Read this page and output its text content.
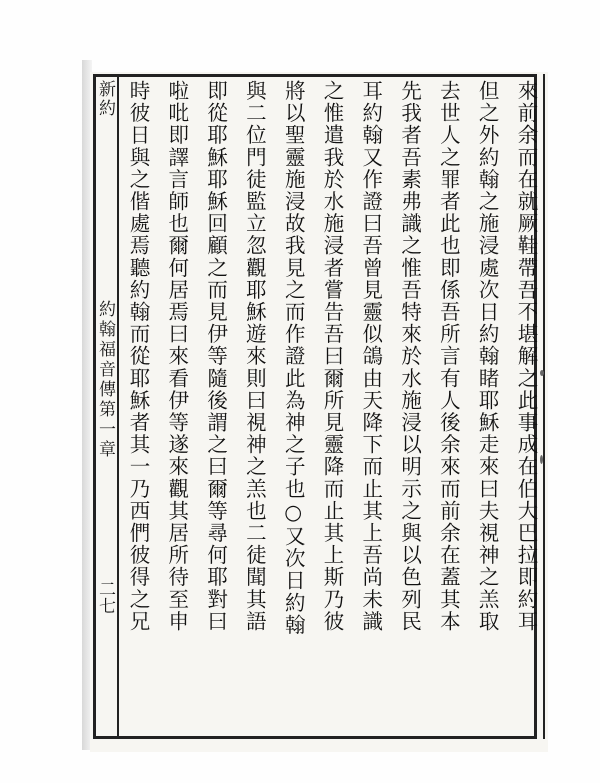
新約
約翰福音傳第一章
二七	來前余而在就厥鞋帶吾不堪解之此事成在伯大巴拉即約耳
但之外約翰之施浸處次日約翰睹耶穌走來曰夫視神之羔取
去世人之罪者此也即係吾所言有人後余來而前余在蓋其本
先我者吾素弗識之惟吾特來於水施浸以明示之與以色列民
耳約翰又作證曰吾曾見靈似鴿由天降下而止其上吾尚未識
之惟遣我於水施浸者嘗告吾曰爾所見靈降而止其上斯乃彼
將以聖靈施浸故我見之而作證此為神之子也○又次日約翰
與二位門徒監立忽觀耶穌遊來則曰視神之羔也二徒聞其語
即從耶穌耶穌回顧之而見伊等隨後謂之曰爾等尋何耶對曰
啦吡即譯言師也爾何居焉曰來看伊等遂來觀其居所待至申
時彼日與之偕處焉聽約翰而從耶穌者其一乃西們彼得之兄
